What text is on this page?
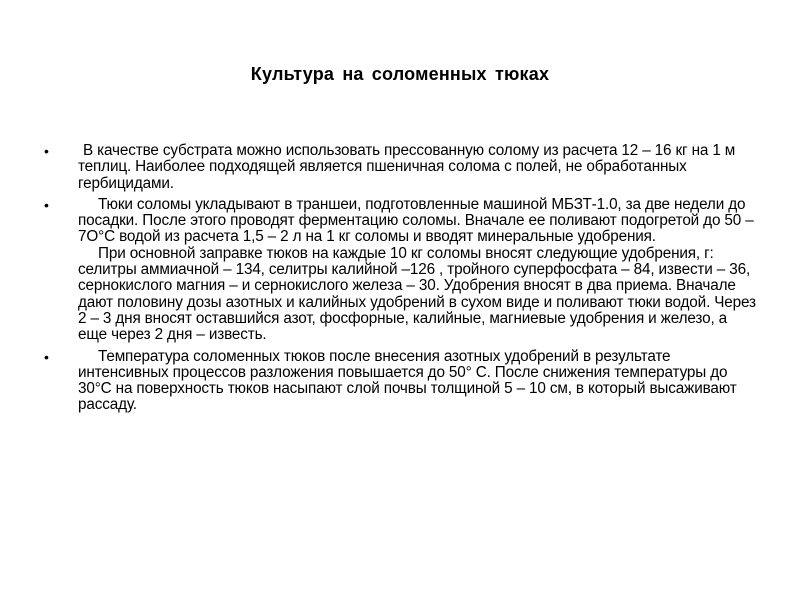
Культура на соломенных тюках
•	В качестве субстрата можно использовать прессованную солому из расчета 12 – 16 кг на 1 м теплиц. Наиболее подходящей является пшеничная солома с полей, не обработанных гербицидами.
•	Тюки соломы укладывают в траншеи, подготовленные машиной МБЗТ-1.0, за две недели до посадки. После этого проводят ферментацию соломы. Вначале ее поливают подогретой до 50 – 7О°С водой из расчета 1,5 – 2 л на 1 кг соломы и вводят минеральные удобрения.
При основной заправке тюков на каждые 10 кг соломы вносят следующие удобрения, г: селитры аммиачной – 134, селитры калийной –126 , тройного суперфосфата – 84, извести – 36, сернокислого магния – и сернокислого железа – 30. Удобрения вносят в два приема. Вначале дают половину дозы азотных и калийных удобрений в сухом виде и поливают тюки водой. Через 2 – 3 дня вносят оставшийся азот, фосфорные, калийные, магниевые удобрения и железо, а еще через 2 дня – известь.
•	Температура соломенных тюков после внесения азотных удобрений в результате интенсивных процессов разложения повышается до 50° С. После снижения температуры до 30°С на поверхность тюков насыпают слой почвы толщиной 5 – 10 см, в который высаживают рассаду.
